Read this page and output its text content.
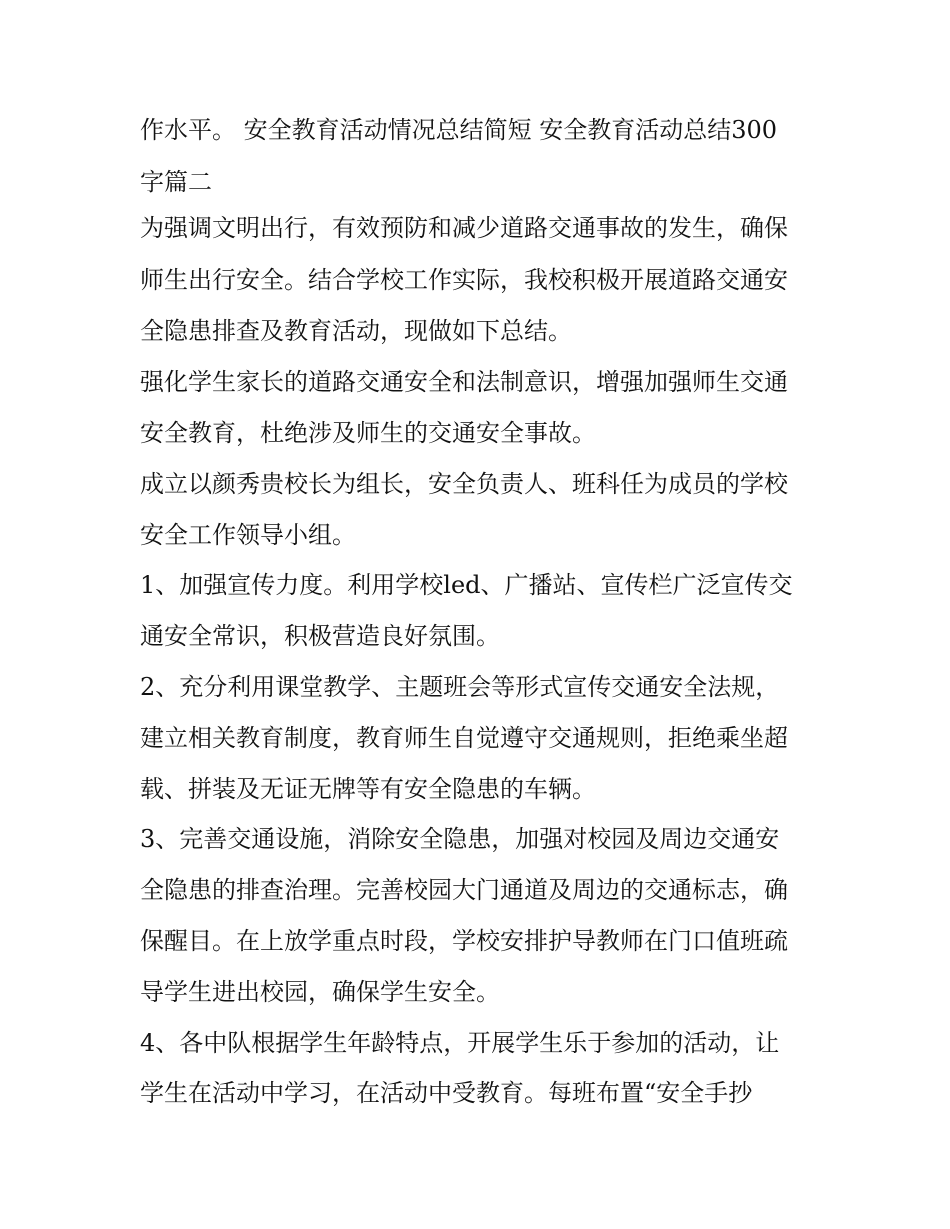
作水平。 安全教育活动情况总结简短 安全教育活动总结300
字篇二
为强调文明出行，有效预防和减少道路交通事故的发生，确保
师生出行安全。结合学校工作实际，我校积极开展道路交通安
全隐患排查及教育活动，现做如下总结。
强化学生家长的道路交通安全和法制意识，增强加强师生交通
安全教育，杜绝涉及师生的交通安全事故。
成立以颜秀贵校长为组长，安全负责人、班科任为成员的学校
安全工作领导小组。
1、加强宣传力度。利用学校led、广播站、宣传栏广泛宣传交
通安全常识，积极营造良好氛围。
2、充分利用课堂教学、主题班会等形式宣传交通安全法规，
建立相关教育制度，教育师生自觉遵守交通规则，拒绝乘坐超
载、拼装及无证无牌等有安全隐患的车辆。
3、完善交通设施，消除安全隐患，加强对校园及周边交通安
全隐患的排查治理。完善校园大门通道及周边的交通标志，确
保醒目。在上放学重点时段，学校安排护导教师在门口值班疏
导学生进出校园，确保学生安全。
4、各中队根据学生年龄特点，开展学生乐于参加的活动，让
学生在活动中学习，在活动中受教育。每班布置“安全手抄
